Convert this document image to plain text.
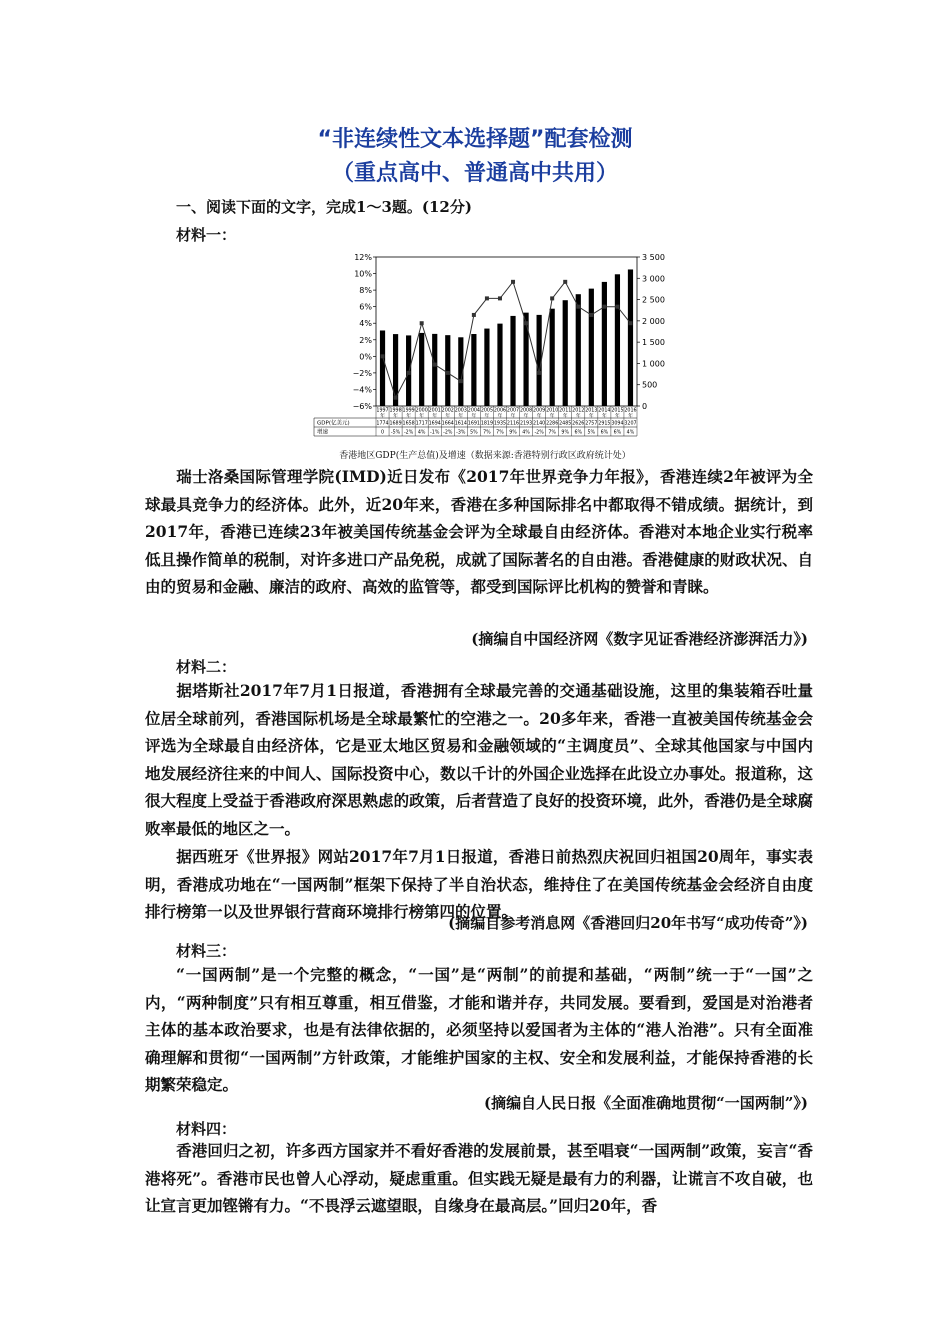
“非连续性文本选择题”配套检测
（重点高中、普通高中共用）
一、阅读下面的文字，完成1～3题。(12分)
材料一：
12%
10%
8%
6%
4%
2%
0%
−2%
−4%
−6%
3 500
3 000
2 500
2 000
1 500
1 000
500
0
1997
年
1998
年
1999
年
2000
年
2001
年
2002
年
2003
年
2004
年
2005
年
2006
年
2007
年
2008
年
2009
年
2010
年
2011
年
2012
年
2013
年
2014
年
2015
年
2016
年
GDP(亿美元)
增速
1774 1689 1658 1717 1694 1664 1614 1691 1819 1935 2116 2193 2140 2286 2485 2626 2757 2915 3094 3207
0 -5% -2% 4% -1% -2% -3% 5% 7% 7% 9% 4% -2% 7% 9% 6% 5% 6% 6% 4%
香港地区GDP(生产总值)及增速（数据来源:香港特别行政区政府统计处）

瑞士洛桑国际管理学院(IMD)近日发布《2017年世界竞争力年报》，香港连续2年被评为全球最具竞争力的经济体。此外，近20年来，香港在多种国际排名中都取得不错成绩。据统计，到2017年，香港已连续23年被美国传统基金会评为全球最自由经济体。香港对本地企业实行税率低且操作简单的税制，对许多进口产品免税，成就了国际著名的自由港。香港健康的财政状况、自由的贸易和金融、廉洁的政府、高效的监管等，都受到国际评比机构的赞誉和青睐。

(摘编自中国经济网《数字见证香港经济澎湃活力》)
材料二：

据塔斯社2017年7月1日报道，香港拥有全球最完善的交通基础设施，这里的集装箱吞吐量位居全球前列，香港国际机场是全球最繁忙的空港之一。20多年来，香港一直被美国传统基金会评选为全球最自由经济体，它是亚太地区贸易和金融领域的“主调度员”、全球其他国家与中国内地发展经济往来的中间人、国际投资中心，数以千计的外国企业选择在此设立办事处。报道称，这很大程度上受益于香港政府深思熟虑的政策，后者营造了良好的投资环境，此外，香港仍是全球腐败率最低的地区之一。

据西班牙《世界报》网站2017年7月1日报道，香港日前热烈庆祝回归祖国20周年，事实表明，香港成功地在“一国两制”框架下保持了半自治状态，维持住了在美国传统基金会经济自由度排行榜第一以及世界银行营商环境排行榜第四的位置。

(摘编自参考消息网《香港回归20年书写“成功传奇”》)
材料三：

“一国两制”是一个完整的概念，“一国”是“两制”的前提和基础，“两制”统一于“一国”之内，“两种制度”只有相互尊重，相互借鉴，才能和谐并存，共同发展。要看到，爱国是对治港者主体的基本政治要求，也是有法律依据的，必须坚持以爱国者为主体的“港人治港”。只有全面准确理解和贯彻“一国两制”方针政策，才能维护国家的主权、安全和发展利益，才能保持香港的长期繁荣稳定。

(摘编自人民日报《全面准确地贯彻“一国两制”》)
材料四：

香港回归之初，许多西方国家并不看好香港的发展前景，甚至唱衰“一国两制”政策，妄言“香港将死”。香港市民也曾人心浮动，疑虑重重。但实践无疑是最有力的利器，让谎言不攻自破，也让宣言更加铿锵有力。“不畏浮云遮望眼，自缘身在最高层。”回归20年，香
